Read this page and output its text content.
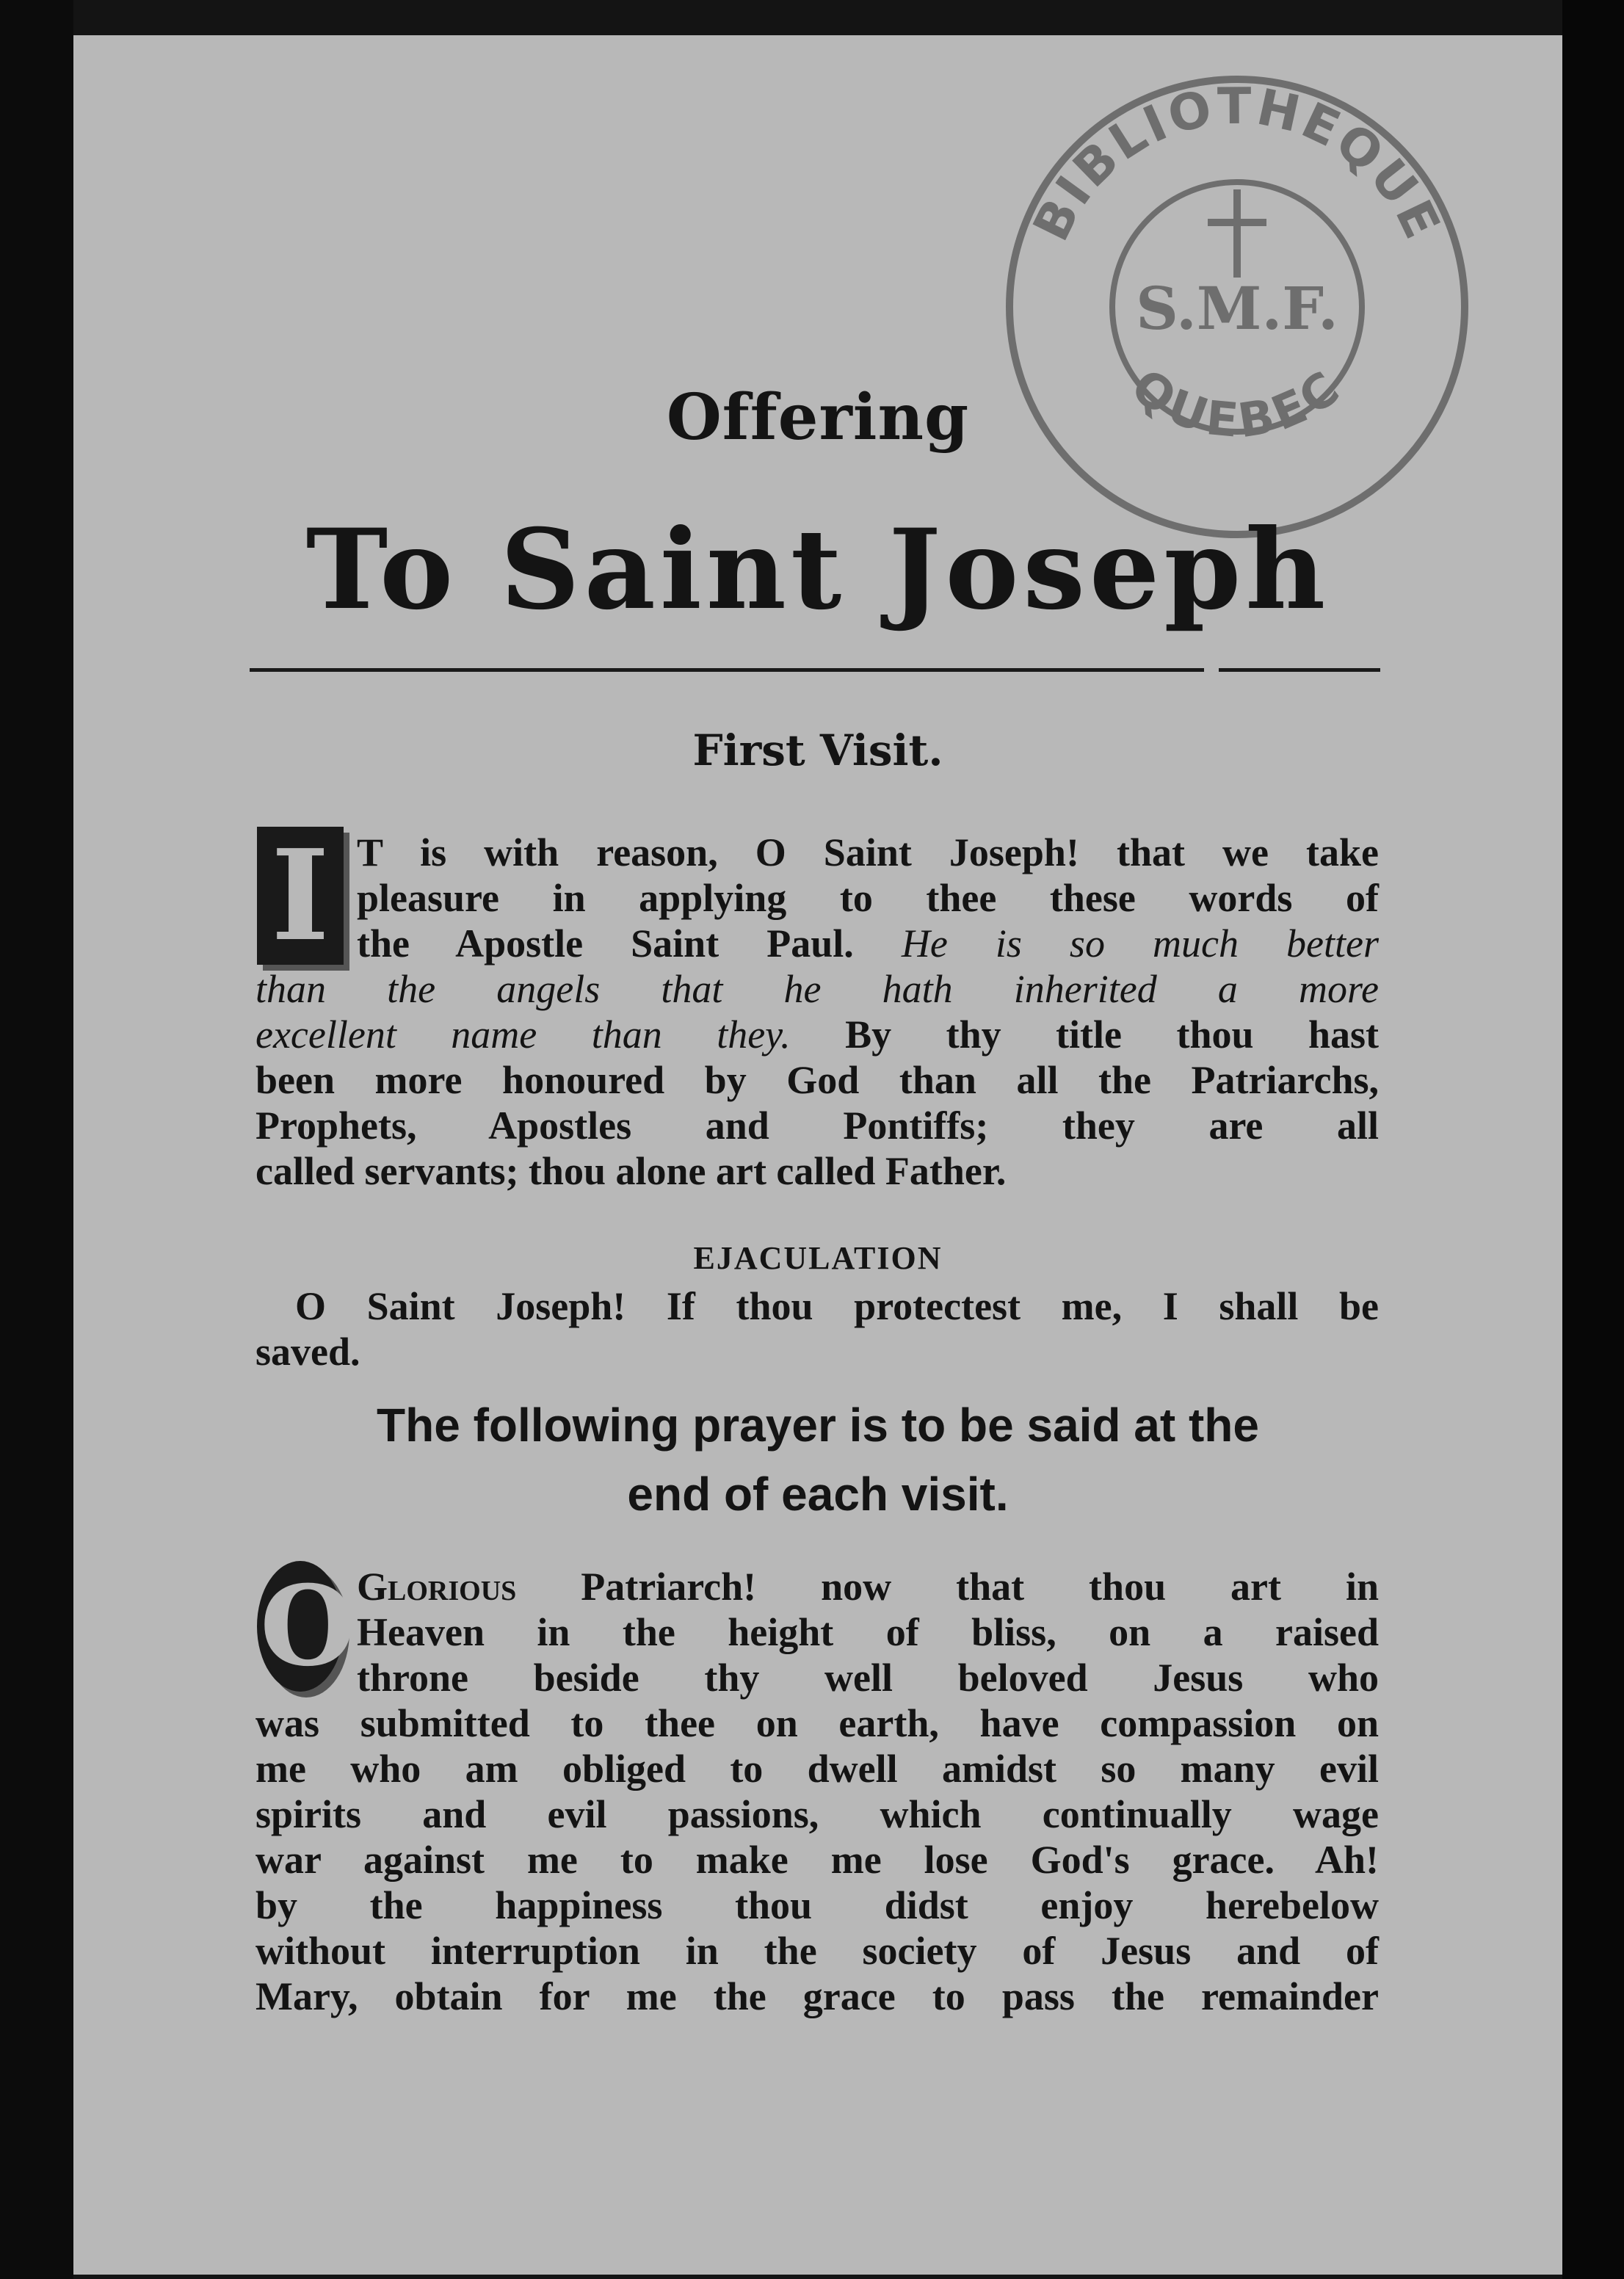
BIBLIOTHEQUE
QUEBEC
S.M.F.
Offering
To Saint Joseph
First Visit.
I T is with reason, O Saint Joseph! that we take
pleasure in applying to thee these words of
the Apostle Saint Paul. He is so much better
than the angels that he hath inherited a more
excellent name than they. By thy title thou hast
been more honoured by God than all the Patriarchs,
Prophets, Apostles and Pontiffs; they are all
called servants; thou alone art called Father.
EJACULATION
O Saint Joseph! If thou protectest me, I shall be
saved.
The following prayer is to be said at the
end of each visit.
O Glorious Patriarch! now that thou art in
Heaven in the height of bliss, on a raised
throne beside thy well beloved Jesus who
was submitted to thee on earth, have compassion on
me who am obliged to dwell amidst so many evil
spirits and evil passions, which continually wage
war against me to make me lose God's grace. Ah!
by the happiness thou didst enjoy herebelow
without interruption in the society of Jesus and of
Mary, obtain for me the grace to pass the remainder
